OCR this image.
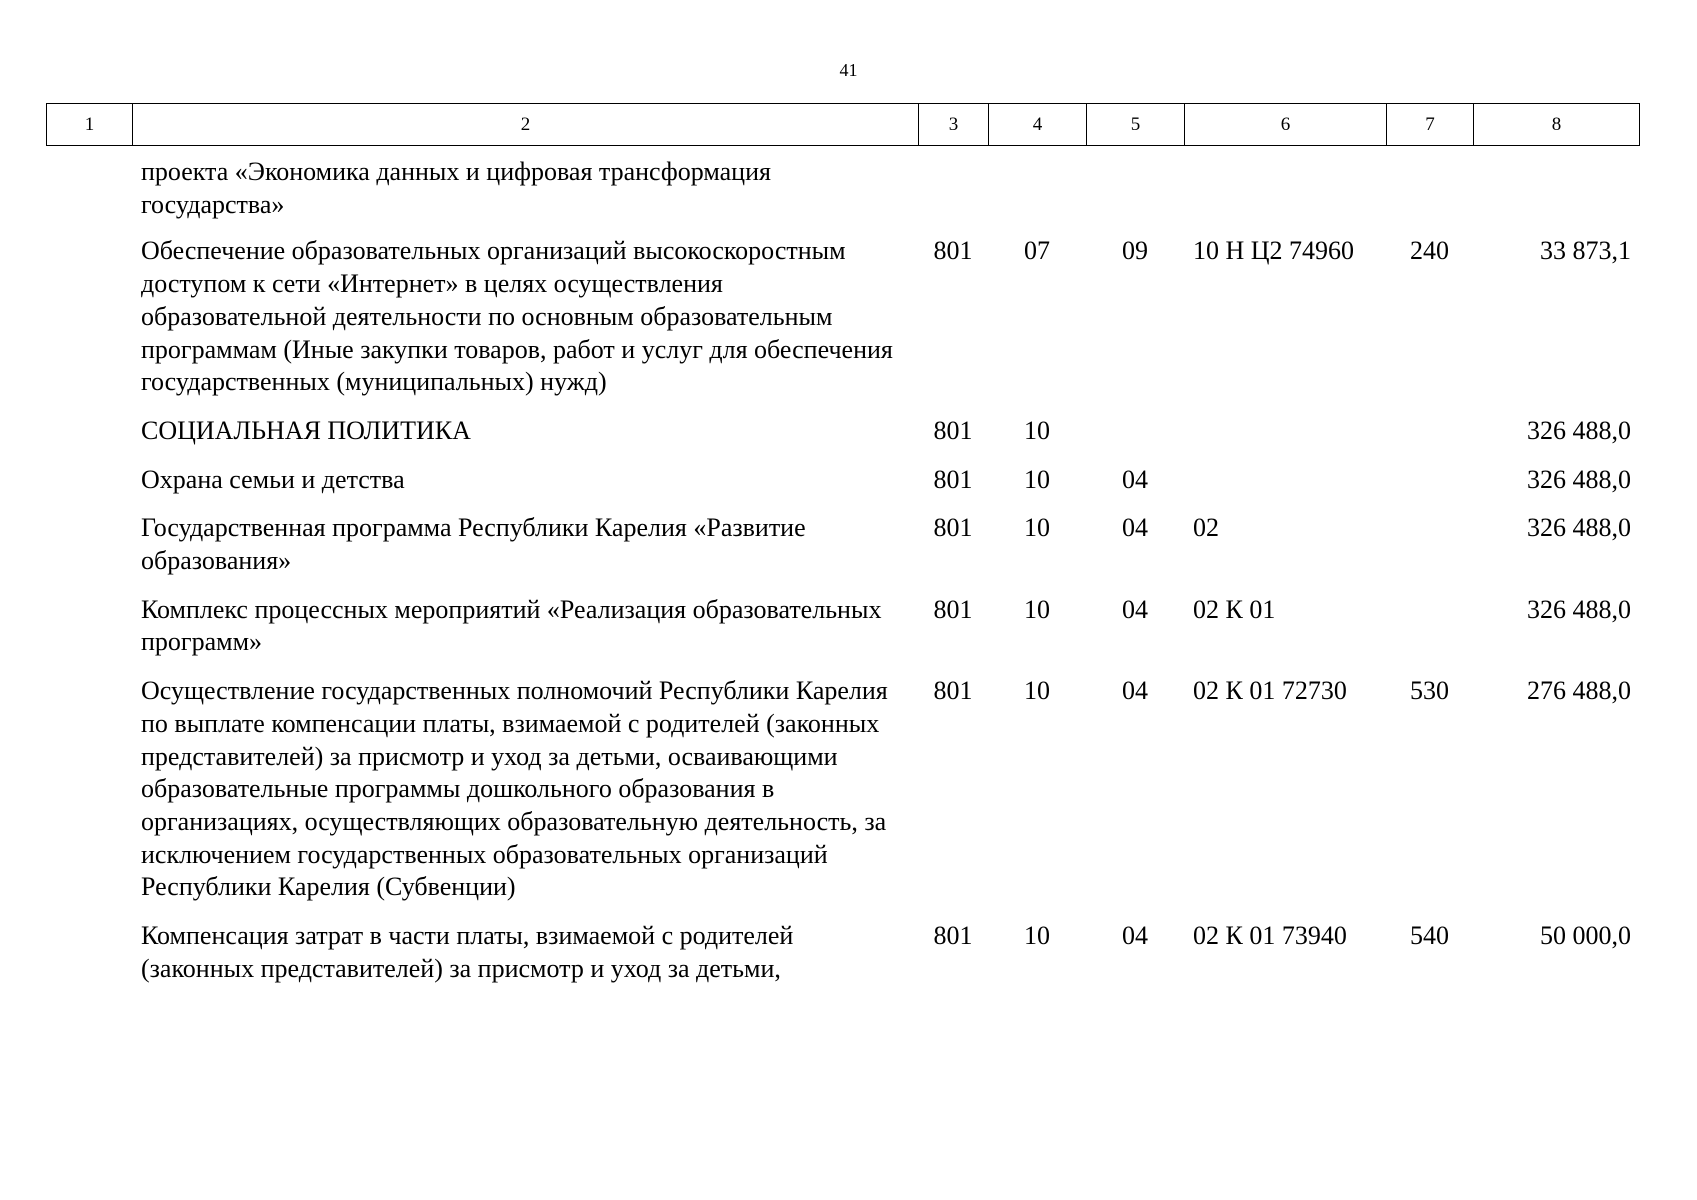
41
1	2	3	4	5	6	7	8
проекта «Экономика данных и цифровая трансформация государства»						
Обеспечение образовательных организаций высокоскоростным доступом к сети «Интернет» в целях осуществления образовательной деятельности по основным образовательным программам (Иные закупки товаров, работ и услуг для обеспечения государственных (муниципальных) нужд)	801	07	09	10 Н Ц2 74960	240	33 873,1
СОЦИАЛЬНАЯ ПОЛИТИКА	801	10				326 488,0
Охрана семьи и детства	801	10	04			326 488,0
Государственная программа Республики Карелия «Развитие образования»	801	10	04	02		326 488,0
Комплекс процессных мероприятий «Реализация образовательных программ»	801	10	04	02 К 01		326 488,0
Осуществление государственных полномочий Республики Карелия по выплате компенсации платы, взимаемой с родителей (законных представителей) за присмотр и уход за детьми, осваивающими образовательные программы дошкольного образования в организациях, осуществляющих образовательную деятельность, за исключением государственных образовательных организаций Республики Карелия (Субвенции)	801	10	04	02 К 01 72730	530	276 488,0
Компенсация затрат в части платы, взимаемой с родителей (законных представителей) за присмотр и уход за детьми,	801	10	04	02 К 01 73940	540	50 000,0
